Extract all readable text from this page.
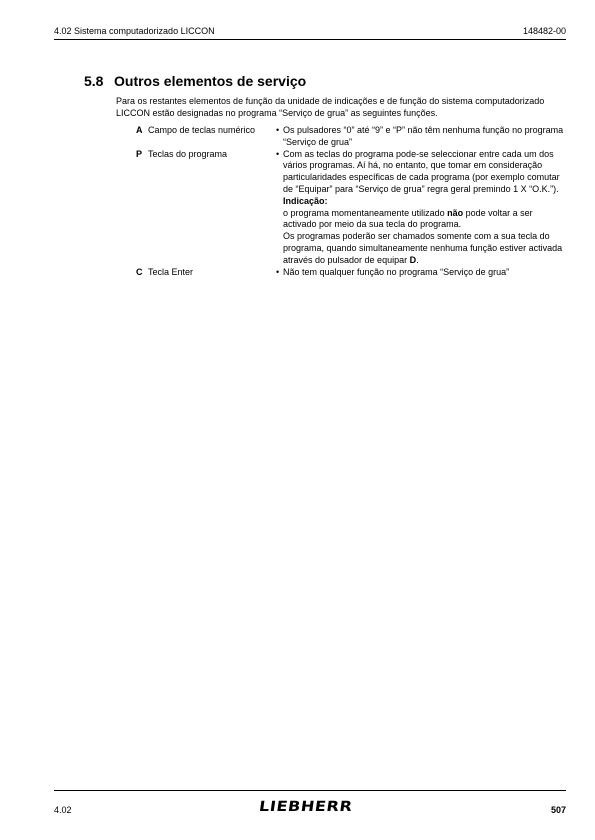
4.02 Sistema computadorizado LICCON	148482-00
5.8 Outros elementos de serviço
Para os restantes elementos de função da unidade de indicações e de função do sistema computadorizado LICCON estão designadas no programa “Serviço de grua” as seguintes funções.
A Campo de teclas numérico	• Os pulsadores “0” até “9” e “P” não têm nenhuma função no programa “Serviço de grua”
P Teclas do programa	• Com as teclas do programa pode-se seleccionar entre cada um dos vários programas. Aí há, no entanto, que tomar em consideração particularidades específicas de cada programa (por exemplo comutar de “Equipar” para “Serviço de grua” regra geral premindo 1 X “O.K.”).
Indicação:
o programa momentaneamente utilizado não pode voltar a ser activado por meio da sua tecla do programa.
Os programas poderão ser chamados somente com a sua tecla do programa, quando simultaneamente nenhuma função estiver activada através do pulsador de equipar D.
C Tecla Enter	• Não tem qualquer função no programa “Serviço de grua”
4.02	LIEBHERR	507
